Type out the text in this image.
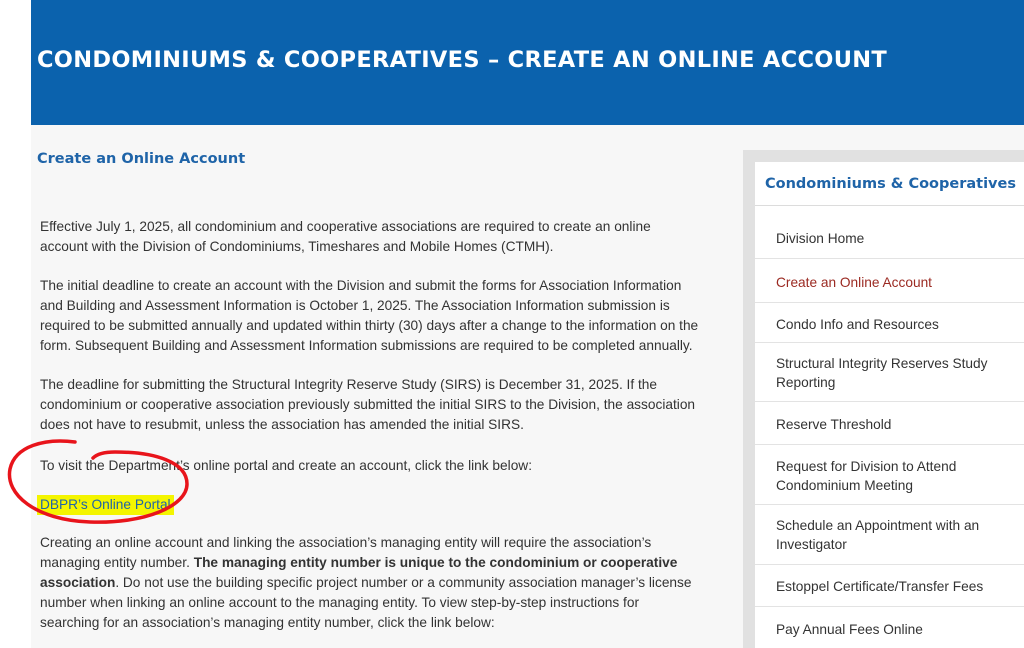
CONDOMINIUMS & COOPERATIVES – CREATE AN ONLINE ACCOUNT
Create an Online Account

Effective July 1, 2025, all condominium and cooperative associations are required to create an online account with the Division of Condominiums, Timeshares and Mobile Homes (CTMH).

The initial deadline to create an account with the Division and submit the forms for Association Information and Building and Assessment Information is October 1, 2025. The Association Information submission is required to be submitted annually and updated within thirty (30) days after a change to the information on the form. Subsequent Building and Assessment Information submissions are required to be completed annually.

The deadline for submitting the Structural Integrity Reserve Study (SIRS) is December 31, 2025. If the condominium or cooperative association previously submitted the initial SIRS to the Division, the association does not have to resubmit, unless the association has amended the initial SIRS.

To visit the Department’s online portal and create an account, click the link below:

DBPR’s Online Portal

Creating an online account and linking the association’s managing entity will require the association’s managing entity number. The managing entity number is unique to the condominium or cooperative association. Do not use the building specific project number or a community association manager’s license number when linking an online account to the managing entity. To view step-by-step instructions for searching for an association’s managing entity number, click the link below:

Condominiums & Cooperatives
Division Home
Create an Online Account
Condo Info and Resources
Structural Integrity Reserves Study Reporting
Reserve Threshold
Request for Division to Attend Condominium Meeting
Schedule an Appointment with an Investigator
Estoppel Certificate/Transfer Fees
Pay Annual Fees Online
